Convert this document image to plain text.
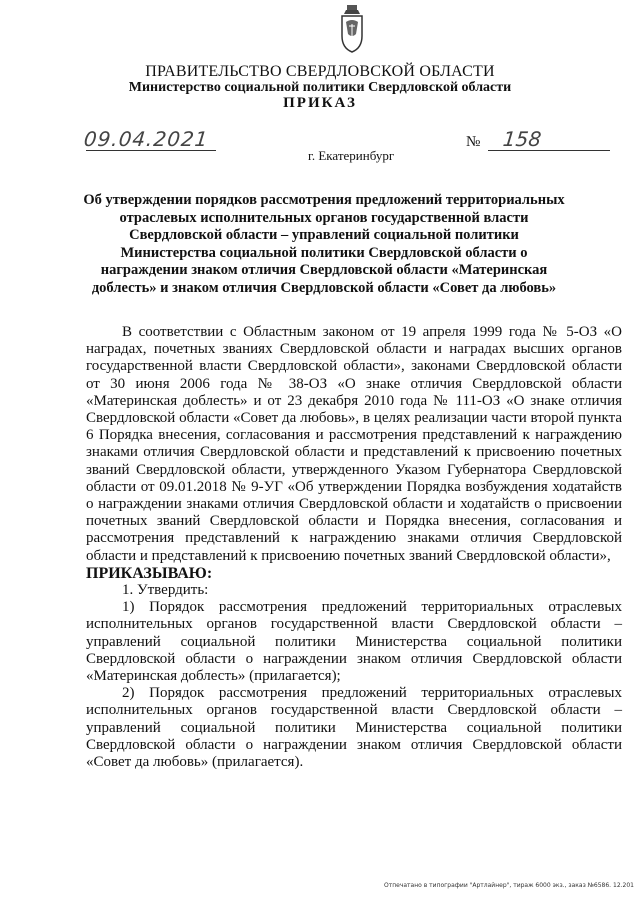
ПРАВИТЕЛЬСТВО СВЕРДЛОВСКОЙ ОБЛАСТИ
Министерство социальной политики Свердловской области
ПРИКАЗ
09.04.2021
г. Екатеринбург
№ 158
Об утверждении порядков рассмотрения предложений территориальных отраслевых исполнительных органов государственной власти Свердловской области – управлений социальной политики Министерства социальной политики Свердловской области о награждении знаком отличия Свердловской области «Материнская доблесть» и знаком отличия Свердловской области «Совет да любовь»

В соответствии с Областным законом от 19 апреля 1999 года № 5-ОЗ «О наградах, почетных званиях Свердловской области и наградах высших органов государственной власти Свердловской области», законами Свердловской области от 30 июня 2006 года № 38-ОЗ «О знаке отличия Свердловской области «Материнская доблесть» и от 23 декабря 2010 года № 111-ОЗ «О знаке отличия Свердловской области «Совет да любовь», в целях реализации части второй пункта 6 Порядка внесения, согласования и рассмотрения представлений к награждению знаками отличия Свердловской области и представлений к присвоению почетных званий Свердловской области, утвержденного Указом Губернатора Свердловской области от 09.01.2018 № 9-УГ «Об утверждении Порядка возбуждения ходатайств о награждении знаками отличия Свердловской области и ходатайств о присвоении почетных званий Свердловской области и Порядка внесения, согласования и рассмотрения представлений к награждению знаками отличия Свердловской области и представлений к присвоению почетных званий Свердловской области»,

ПРИКАЗЫВАЮ:

1. Утвердить:

1) Порядок рассмотрения предложений территориальных отраслевых исполнительных органов государственной власти Свердловской области – управлений социальной политики Министерства социальной политики Свердловской области о награждении знаком отличия Свердловской области «Материнская доблесть» (прилагается);

2) Порядок рассмотрения предложений территориальных отраслевых исполнительных органов государственной власти Свердловской области – управлений социальной политики Министерства социальной политики Свердловской области о награждении знаком отличия Свердловской области «Совет да любовь» (прилагается).

Отпечатано в типографии "Артлайнер", тираж 6000 экз., заказ №6586. 12.201
